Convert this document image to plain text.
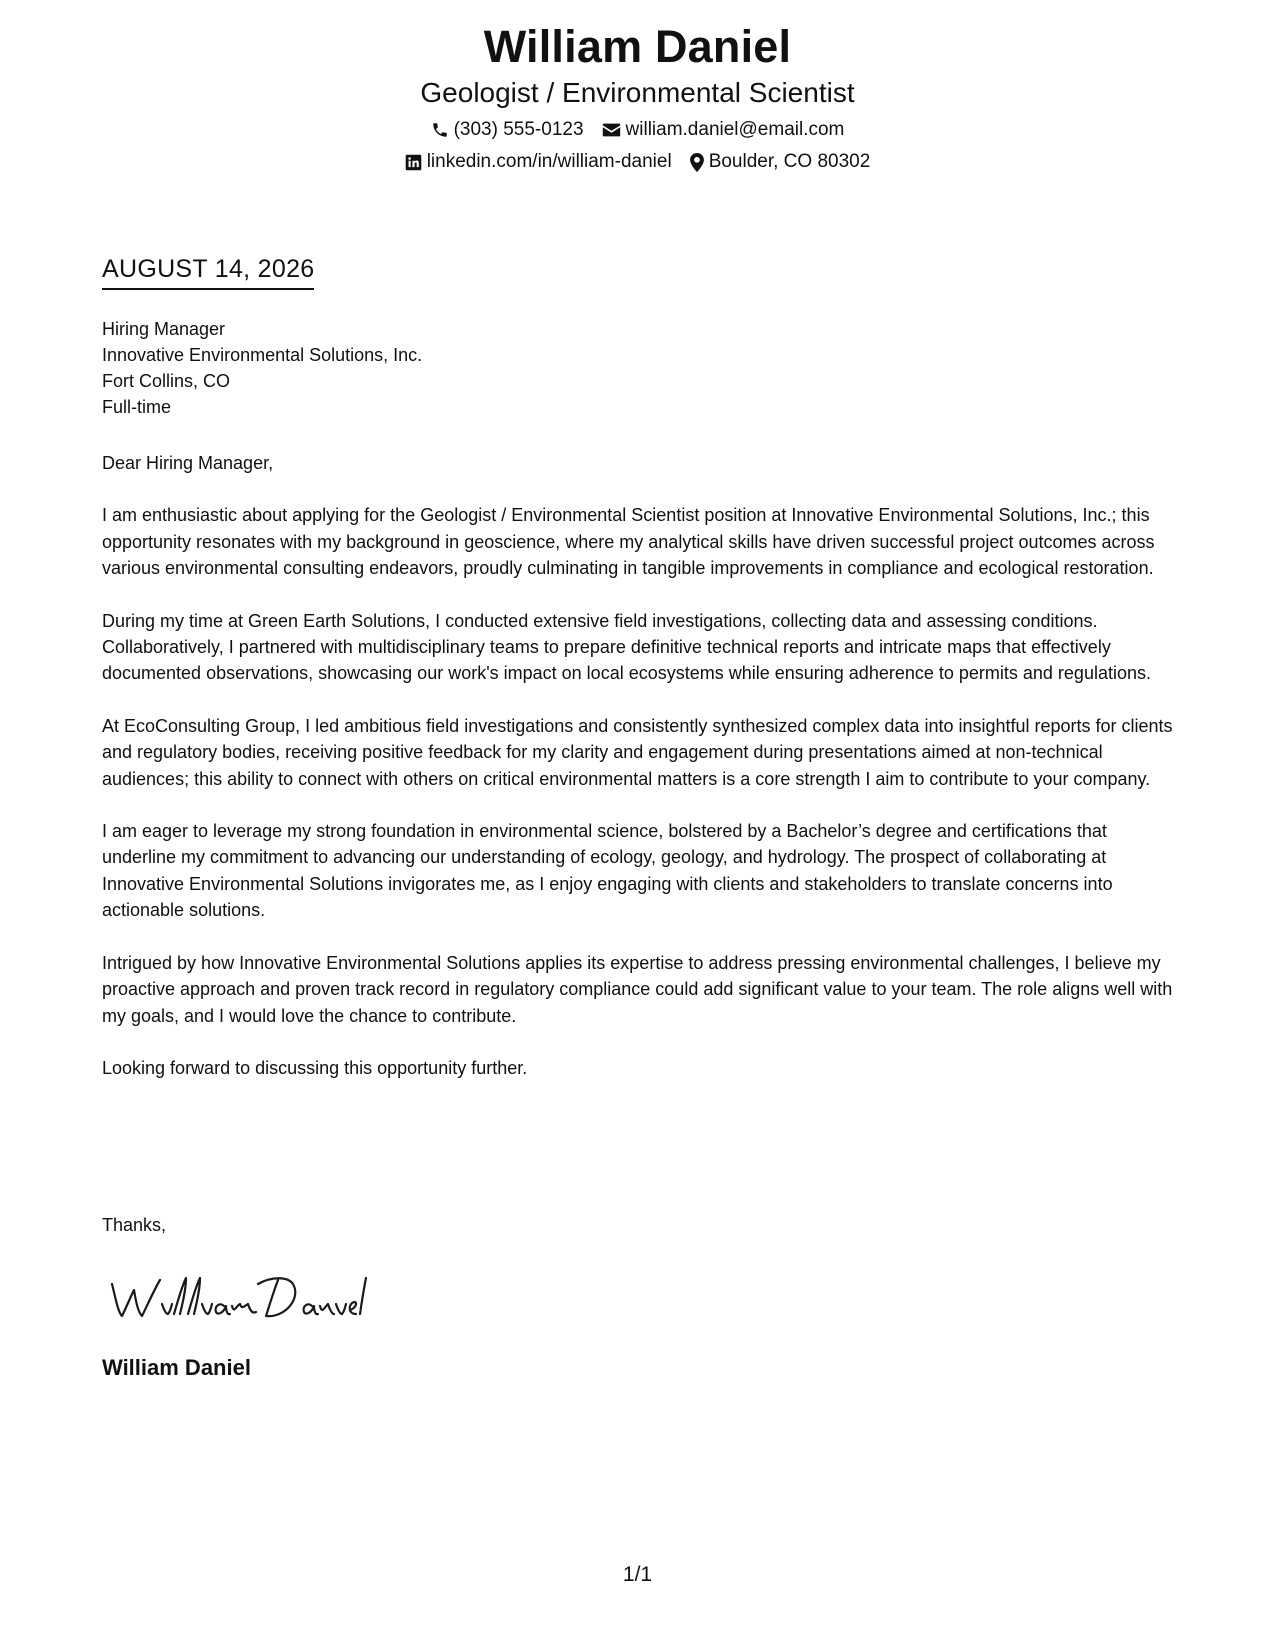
William Daniel
Geologist / Environmental Scientist
(303) 555-0123 william.daniel@email.com
linkedin.com/in/william-daniel Boulder, CO 80302
AUGUST 14, 2026
Hiring Manager
Innovative Environmental Solutions, Inc.
Fort Collins, CO
Full-time

Dear Hiring Manager,

I am enthusiastic about applying for the Geologist / Environmental Scientist position at Innovative Environmental Solutions, Inc.; this opportunity resonates with my background in geoscience, where my analytical skills have driven successful project outcomes across various environmental consulting endeavors, proudly culminating in tangible improvements in compliance and ecological restoration.

During my time at Green Earth Solutions, I conducted extensive field investigations, collecting data and assessing conditions. Collaboratively, I partnered with multidisciplinary teams to prepare definitive technical reports and intricate maps that effectively documented observations, showcasing our work's impact on local ecosystems while ensuring adherence to permits and regulations.

At EcoConsulting Group, I led ambitious field investigations and consistently synthesized complex data into insightful reports for clients and regulatory bodies, receiving positive feedback for my clarity and engagement during presentations aimed at non-technical audiences; this ability to connect with others on critical environmental matters is a core strength I aim to contribute to your company.

I am eager to leverage my strong foundation in environmental science, bolstered by a Bachelor’s degree and certifications that underline my commitment to advancing our understanding of ecology, geology, and hydrology. The prospect of collaborating at Innovative Environmental Solutions invigorates me, as I enjoy engaging with clients and stakeholders to translate concerns into actionable solutions.

Intrigued by how Innovative Environmental Solutions applies its expertise to address pressing environmental challenges, I believe my proactive approach and proven track record in regulatory compliance could add significant value to your team. The role aligns well with my goals, and I would love the chance to contribute.

Looking forward to discussing this opportunity further.

Thanks,
William Daniel
1/1
